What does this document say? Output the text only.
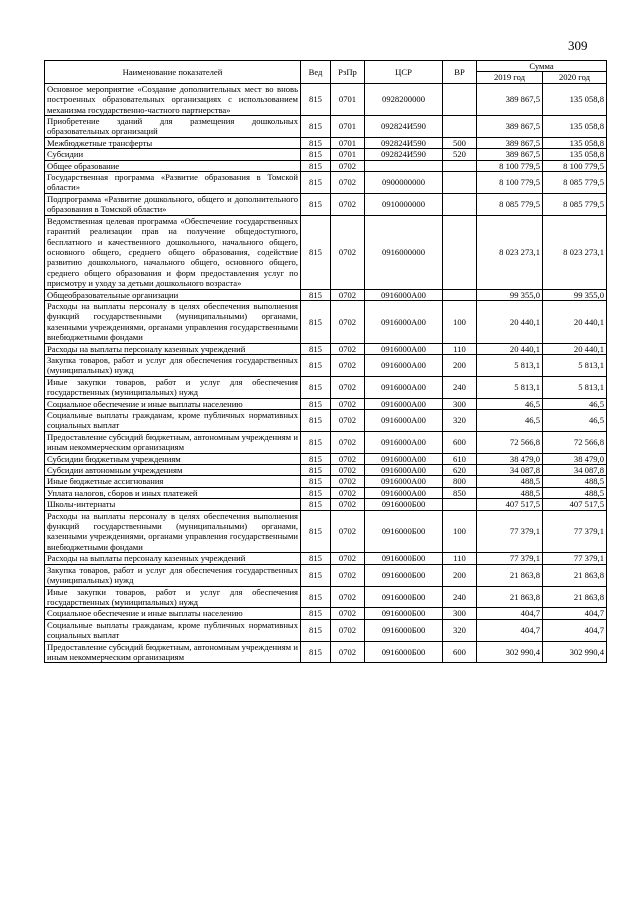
309
Наименование показателей	Вед	РзПр	ЦСР	ВР	Сумма	
					2019 год	2020 год
Основное мероприятие «Создание дополнительных мест во вновь построенных образовательных организациях с использованием механизма государственно-частного партнерства»	815	0701	0928200000		389 867,5	135 058,8
Приобретение зданий для размещения дошкольных образовательных организаций	815	0701	092824И590		389 867,5	135 058,8
Межбюджетные трансферты	815	0701	092824И590	500	389 867,5	135 058,8
Субсидии	815	0701	092824И590	520	389 867,5	135 058,8
Общее образование	815	0702			8 100 779,5	8 100 779,5
Государственная программа «Развитие образования в Томской области»	815	0702	0900000000		8 100 779,5	8 085 779,5
Подпрограмма «Развитие дошкольного, общего и дополнительного образования в Томской области»	815	0702	0910000000		8 085 779,5	8 085 779,5
Ведомственная целевая программа «Обеспечение государственных гарантий реализации прав на получение общедоступного, бесплатного и качественного дошкольного, начального общего, основного общего, среднего общего образования, содействие развитию дошкольного, начального общего, основного общего, среднего общего образования и форм предоставления услуг по присмотру и уходу за детьми дошкольного возраста»	815	0702	0916000000		8 023 273,1	8 023 273,1
Общеобразовательные организации	815	0702	0916000А00		99 355,0	99 355,0
Расходы на выплаты персоналу в целях обеспечения выполнения функций государственными (муниципальными) органами, казенными учреждениями, органами управления государственными внебюджетными фондами	815	0702	0916000А00	100	20 440,1	20 440,1
Расходы на выплаты персоналу казенных учреждений	815	0702	0916000А00	110	20 440,1	20 440,1
Закупка товаров, работ и услуг для обеспечения государственных (муниципальных) нужд	815	0702	0916000А00	200	5 813,1	5 813,1
Иные закупки товаров, работ и услуг для обеспечения государственных (муниципальных) нужд	815	0702	0916000А00	240	5 813,1	5 813,1
Социальное обеспечение и иные выплаты населению	815	0702	0916000А00	300	46,5	46,5
Социальные выплаты гражданам, кроме публичных нормативных социальных выплат	815	0702	0916000А00	320	46,5	46,5
Предоставление субсидий бюджетным, автономным учреждениям и иным некоммерческим организациям	815	0702	0916000А00	600	72 566,8	72 566,8
Субсидии бюджетным учреждениям	815	0702	0916000А00	610	38 479,0	38 479,0
Субсидии автономным учреждениям	815	0702	0916000А00	620	34 087,8	34 087,8
Иные бюджетные ассигнования	815	0702	0916000А00	800	488,5	488,5
Уплата налогов, сборов и иных платежей	815	0702	0916000А00	850	488,5	488,5
Школы-интернаты	815	0702	0916000Б00		407 517,5	407 517,5
Расходы на выплаты персоналу в целях обеспечения выполнения функций государственными (муниципальными) органами, казенными учреждениями, органами управления государственными внебюджетными фондами	815	0702	0916000Б00	100	77 379,1	77 379,1
Расходы на выплаты персоналу казенных учреждений	815	0702	0916000Б00	110	77 379,1	77 379,1
Закупка товаров, работ и услуг для обеспечения государственных (муниципальных) нужд	815	0702	0916000Б00	200	21 863,8	21 863,8
Иные закупки товаров, работ и услуг для обеспечения государственных (муниципальных) нужд	815	0702	0916000Б00	240	21 863,8	21 863,8
Социальное обеспечение и иные выплаты населению	815	0702	0916000Б00	300	404,7	404,7
Социальные выплаты гражданам, кроме публичных нормативных социальных выплат	815	0702	0916000Б00	320	404,7	404,7
Предоставление субсидий бюджетным, автономным учреждениям и иным некоммерческим организациям	815	0702	0916000Б00	600	302 990,4	302 990,4
